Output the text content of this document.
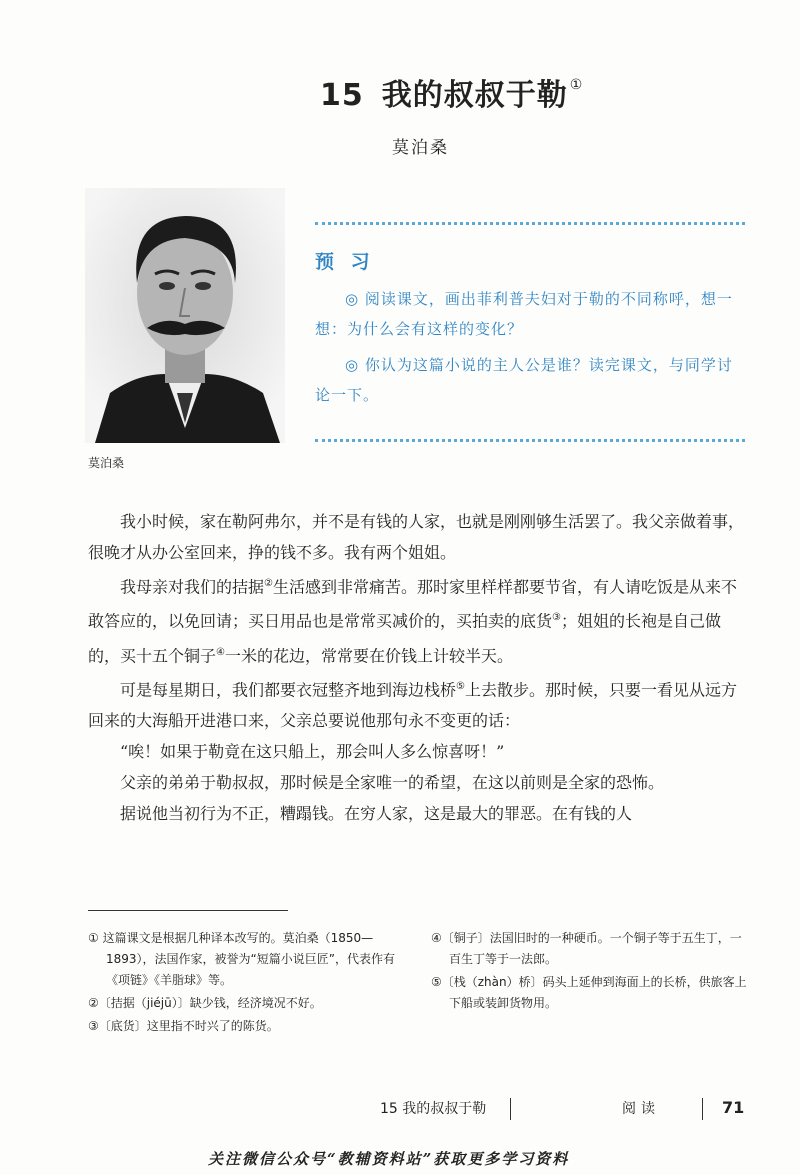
15 我的叔叔于勒 ①
莫泊桑
莫泊桑
预 习

◎ 阅读课文，画出菲利普夫妇对于勒的不同称呼，想一想：为什么会有这样的变化？

◎ 你认为这篇小说的主人公是谁？读完课文，与同学讨论一下。

我小时候，家在勒阿弗尔，并不是有钱的人家，也就是刚刚够生活罢了。我父亲做着事，很晚才从办公室回来，挣的钱不多。我有两个姐姐。

我母亲对我们的拮据②生活感到非常痛苦。那时家里样样都要节省，有人请吃饭是从来不敢答应的，以免回请；买日用品也是常常买减价的，买拍卖的底货③；姐姐的长袍是自己做的，买十五个铜子④一米的花边，常常要在价钱上计较半天。

可是每星期日，我们都要衣冠整齐地到海边栈桥⑤上去散步。那时候，只要一看见从远方回来的大海船开进港口来，父亲总要说他那句永不变更的话：

“唉！如果于勒竟在这只船上，那会叫人多么惊喜呀！”

父亲的弟弟于勒叔叔，那时候是全家唯一的希望，在这以前则是全家的恐怖。

据说他当初行为不正，糟蹋钱。在穷人家，这是最大的罪恶。在有钱的人

① 这篇课文是根据几种译本改写的。莫泊桑（1850—1893），法国作家，被誉为“短篇小说巨匠”，代表作有《项链》《羊脂球》等。
②〔拮据（jiéjū）〕缺少钱，经济境况不好。
③〔底货〕这里指不时兴了的陈货。
④〔铜子〕法国旧时的一种硬币。一个铜子等于五生丁，一百生丁等于一法郎。
⑤〔栈（zhàn）桥〕码头上延伸到海面上的长桥，供旅客上下船或装卸货物用。
15 我的叔叔于勒	阅读	71
关注微信公众号“教辅资料站”获取更多学习资料
